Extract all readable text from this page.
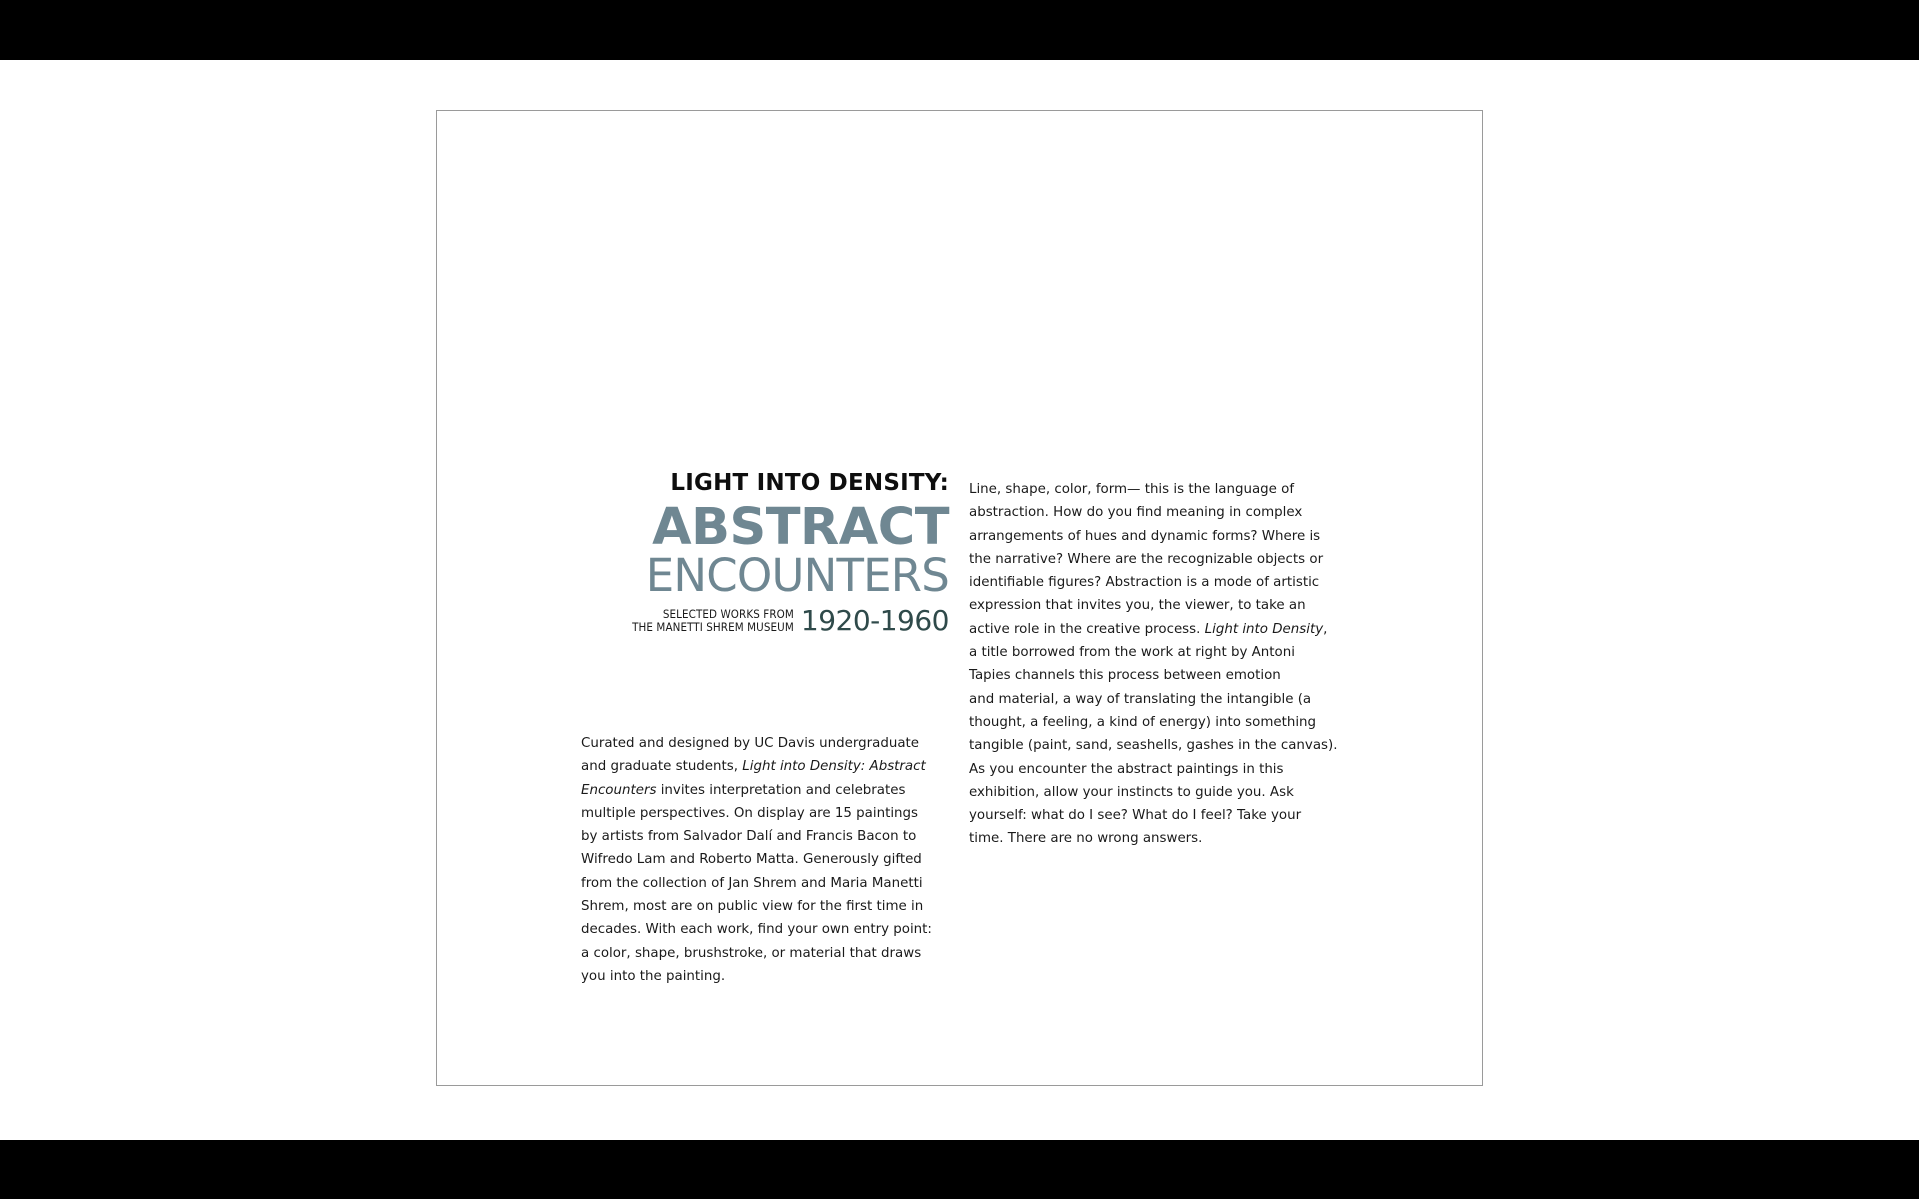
LIGHT INTO DENSITY:
ABSTRACT
ENCOUNTERS
SELECTED WORKS FROM
THE MANETTI SHREM MUSEUM 1920-1960
Curated and designed by UC Davis undergraduate
and graduate students, Light into Density: Abstract
Encounters invites interpretation and celebrates
multiple perspectives. On display are 15 paintings
by artists from Salvador Dalí and Francis Bacon to
Wifredo Lam and Roberto Matta. Generously gifted
from the collection of Jan Shrem and Maria Manetti
Shrem, most are on public view for the first time in
decades. With each work, find your own entry point:
a color, shape, brushstroke, or material that draws
you into the painting.
Line, shape, color, form— this is the language of
abstraction. How do you find meaning in complex
arrangements of hues and dynamic forms? Where is
the narrative? Where are the recognizable objects or
identifiable figures? Abstraction is a mode of artistic
expression that invites you, the viewer, to take an
active role in the creative process. Light into Density,
a title borrowed from the work at right by Antoni
Tapies channels this process between emotion
and material, a way of translating the intangible (a
thought, a feeling, a kind of energy) into something
tangible (paint, sand, seashells, gashes in the canvas).
As you encounter the abstract paintings in this
exhibition, allow your instincts to guide you. Ask
yourself: what do I see? What do I feel? Take your
time. There are no wrong answers.
